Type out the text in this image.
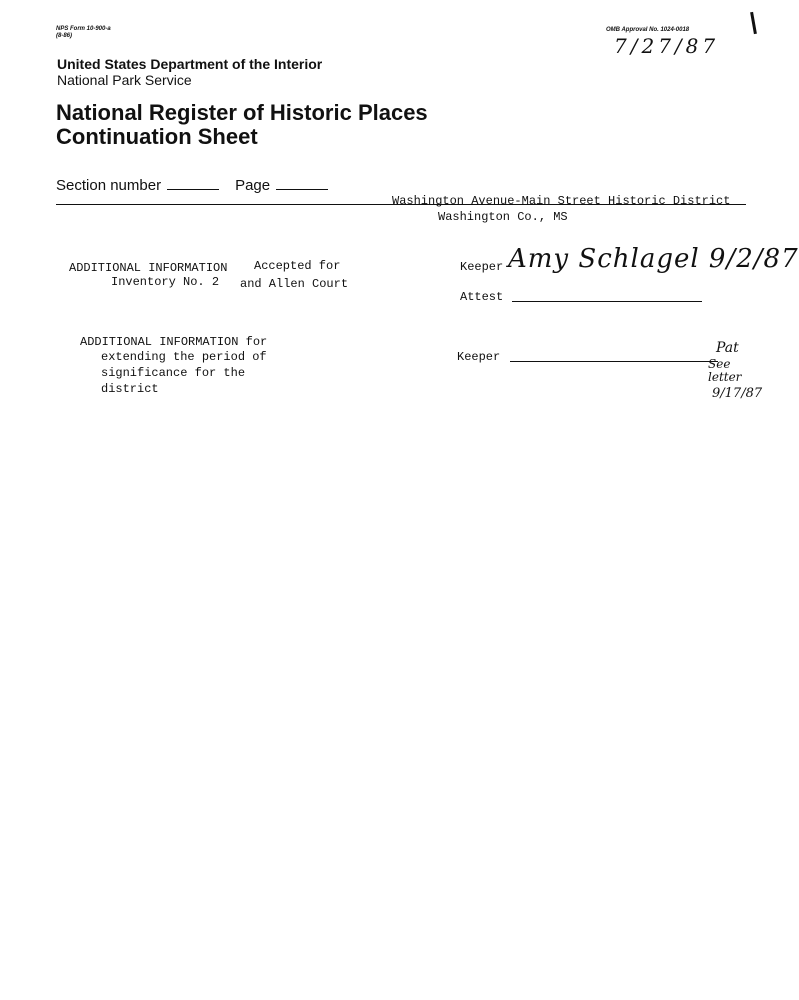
NPS Form 10-900-a
(8-86)
OMB Approval No. 1024-0018
7/27/87
United States Department of the Interior
National Park Service
National Register of Historic Places
Continuation Sheet
Section number	Page
Washington Avenue-Main Street Historic District
Washington Co., MS
ADDITIONAL INFORMATION
Inventory No. 2
Accepted for
and Allen Court
Keeper Amy Schlagel 9/2/87
Attest
ADDITIONAL INFORMATION for
extending the period of
significance for the
district
Keeper
Pat
See
letter
9/17/87
